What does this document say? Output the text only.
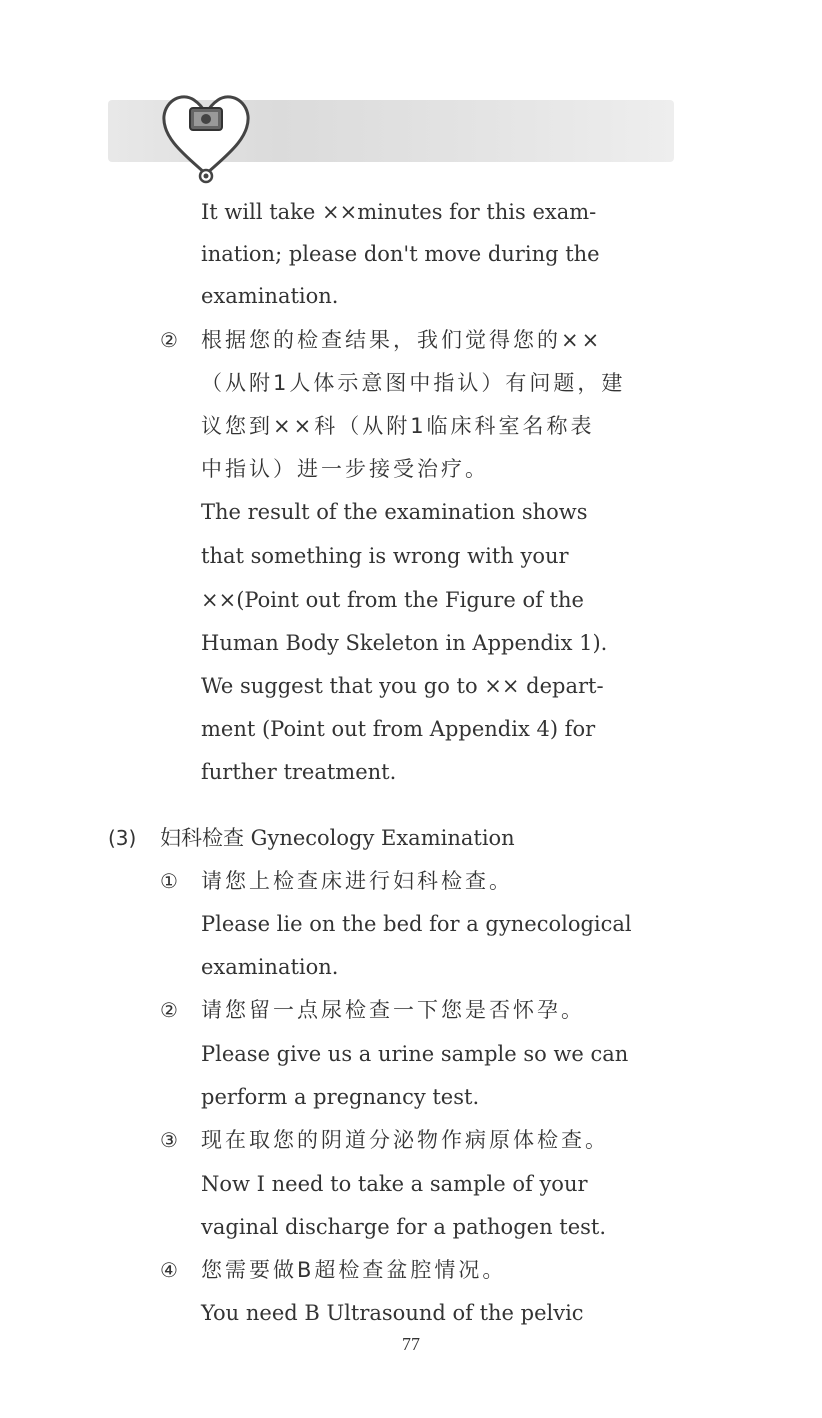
It will take ××minutes for this exam-
ination; please don't move during the
examination.
② 根据您的检查结果，我们觉得您的××
（从附1人体示意图中指认）有问题，建
议您到××科（从附1临床科室名称表
中指认）进一步接受治疗。
The result of the examination shows
that something is wrong with your
××(Point out from the Figure of the
Human Body Skeleton in Appendix 1).
We suggest that you go to ×× depart-
ment (Point out from Appendix 4) for
further treatment.
(3) 妇科检查 Gynecology Examination
① 请您上检查床进行妇科检查。
Please lie on the bed for a gynecological
examination.
② 请您留一点尿检查一下您是否怀孕。
Please give us a urine sample so we can
perform a pregnancy test.
③ 现在取您的阴道分泌物作病原体检查。
Now I need to take a sample of your
vaginal discharge for a pathogen test.
④ 您需要做B超检查盆腔情况。
You need B Ultrasound of the pelvic
77
